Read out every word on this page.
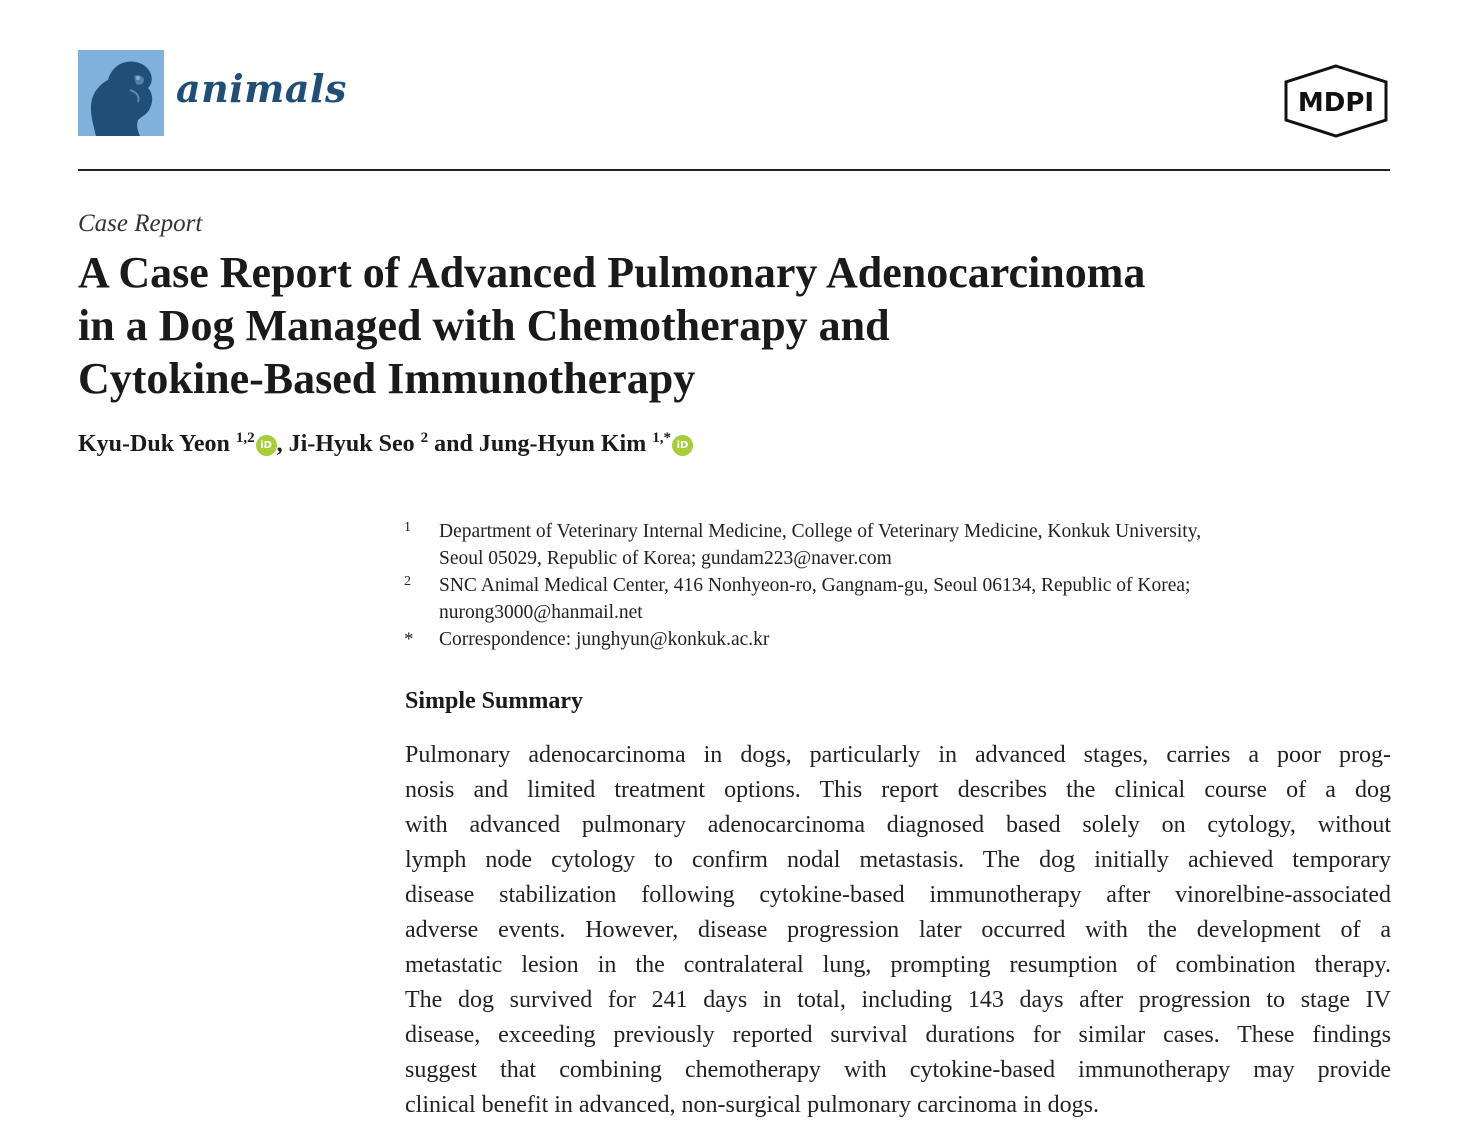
animals	MDPI
Case Report
A Case Report of Advanced Pulmonary Adenocarcinoma
in a Dog Managed with Chemotherapy and
Cytokine-Based Immunotherapy
Kyu-Duk Yeon $^{1,2}$ iD , Ji-Hyuk Seo $^2$ and Jung-Hyun Kim $^{1,*}$ iD
1 Department of Veterinary Internal Medicine, College of Veterinary Medicine, Konkuk University,
Seoul 05029, Republic of Korea; gundam223@naver.com
2 SNC Animal Medical Center, 416 Nonhyeon-ro, Gangnam-gu, Seoul 06134, Republic of Korea;
nurong3000@hanmail.net
* Correspondence: junghyun@konkuk.ac.kr
Simple Summary
Pulmonary adenocarcinoma in dogs, particularly in advanced stages, carries a poor prog-
nosis and limited treatment options. This report describes the clinical course of a dog
with advanced pulmonary adenocarcinoma diagnosed based solely on cytology, without
lymph node cytology to confirm nodal metastasis. The dog initially achieved temporary
disease stabilization following cytokine-based immunotherapy after vinorelbine-associated
adverse events. However, disease progression later occurred with the development of a
metastatic lesion in the contralateral lung, prompting resumption of combination therapy.
The dog survived for 241 days in total, including 143 days after progression to stage IV
disease, exceeding previously reported survival durations for similar cases. These findings
suggest that combining chemotherapy with cytokine-based immunotherapy may provide
clinical benefit in advanced, non-surgical pulmonary carcinoma in dogs.
